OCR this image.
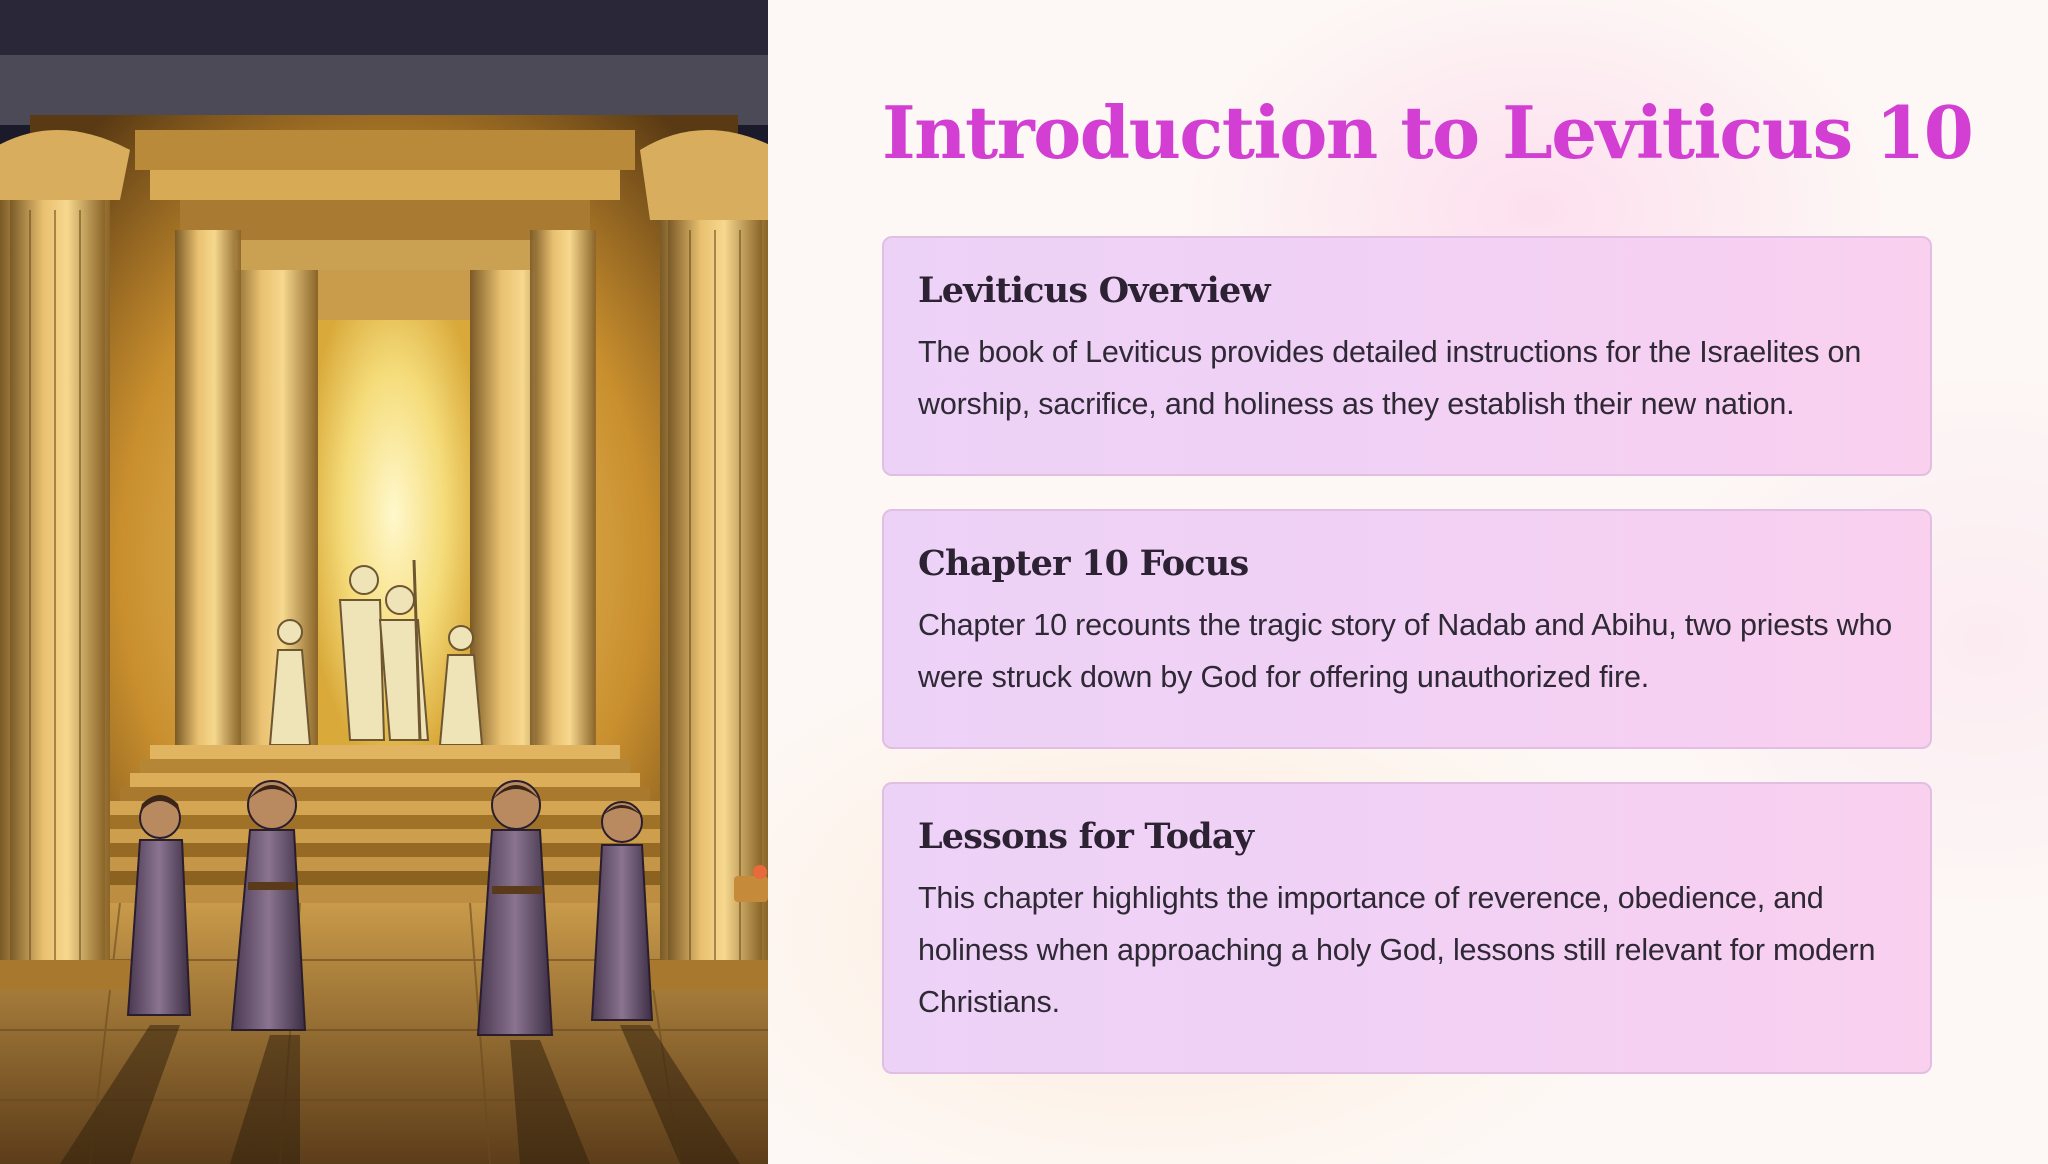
Introduction to Leviticus 10
Leviticus Overview

The book of Leviticus provides detailed instructions for the Israelites on worship, sacrifice, and holiness as they establish their new nation.

Chapter 10 Focus

Chapter 10 recounts the tragic story of Nadab and Abihu, two priests who were struck down by God for offering unauthorized fire.

Lessons for Today

This chapter highlights the importance of reverence, obedience, and holiness when approaching a holy God, lessons still relevant for modern Christians.
